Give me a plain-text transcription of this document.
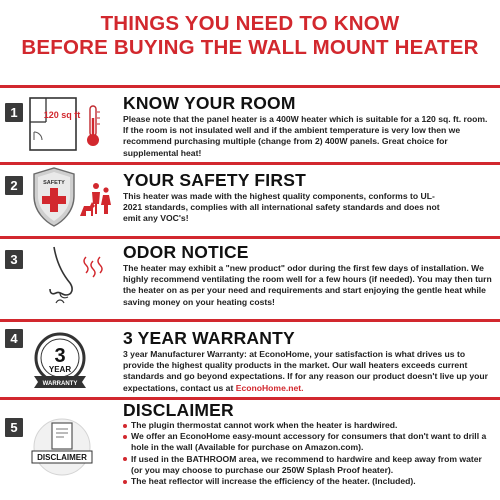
THINGS YOU NEED TO KNOW
BEFORE BUYING THE WALL MOUNT HEATER
1	120 sq ft
KNOW YOUR ROOM
Please note that the panel heater is a 400W heater which is suitable for a 120 sq. ft. room. If the room is not insulated well and if the ambient temperature is very low then we recommend purchasing multiple (change from 2) 400W panels. Great choice for supplemental heat!
2	SAFETY	YOUR SAFETY FIRST
This heater was made with the highest quality components, conforms to UL-2021 standards, complies with all international safety standards and does not emit any VOC's!
3	ODOR NOTICE
The heater may exhibit a "new product" odor during the first few days of installation. We highly recommend ventilating the room well for a few hours (if needed). You may then turn the heater on as per your need and requirements and start enjoying the gentle heat while saving money on your heating costs!
4
3
YEAR
WARRANTY
3 YEAR WARRANTY
3 year Manufacturer Warranty: at EconoHome, your satisfaction is what drives us to provide the highest quality products in the market. Our wall heaters exceeds current standards and go beyond expectations. If for any reason our product doesn't live up your expectations, contact us at EconoHome.net.
5
DISCLAIMER
DISCLAIMER
The plugin thermostat cannot work when the heater is hardwired.
We offer an EconoHome easy-mount accessory for consumers that don't want to drill a hole in the wall (Available for purchase on Amazon.com).
If used in the BATHROOM area, we recommend to hardwire and keep away from water (or you may choose to purchase our 250W Splash Proof heater).
The heat reflector will increase the efficiency of the heater. (Included).
